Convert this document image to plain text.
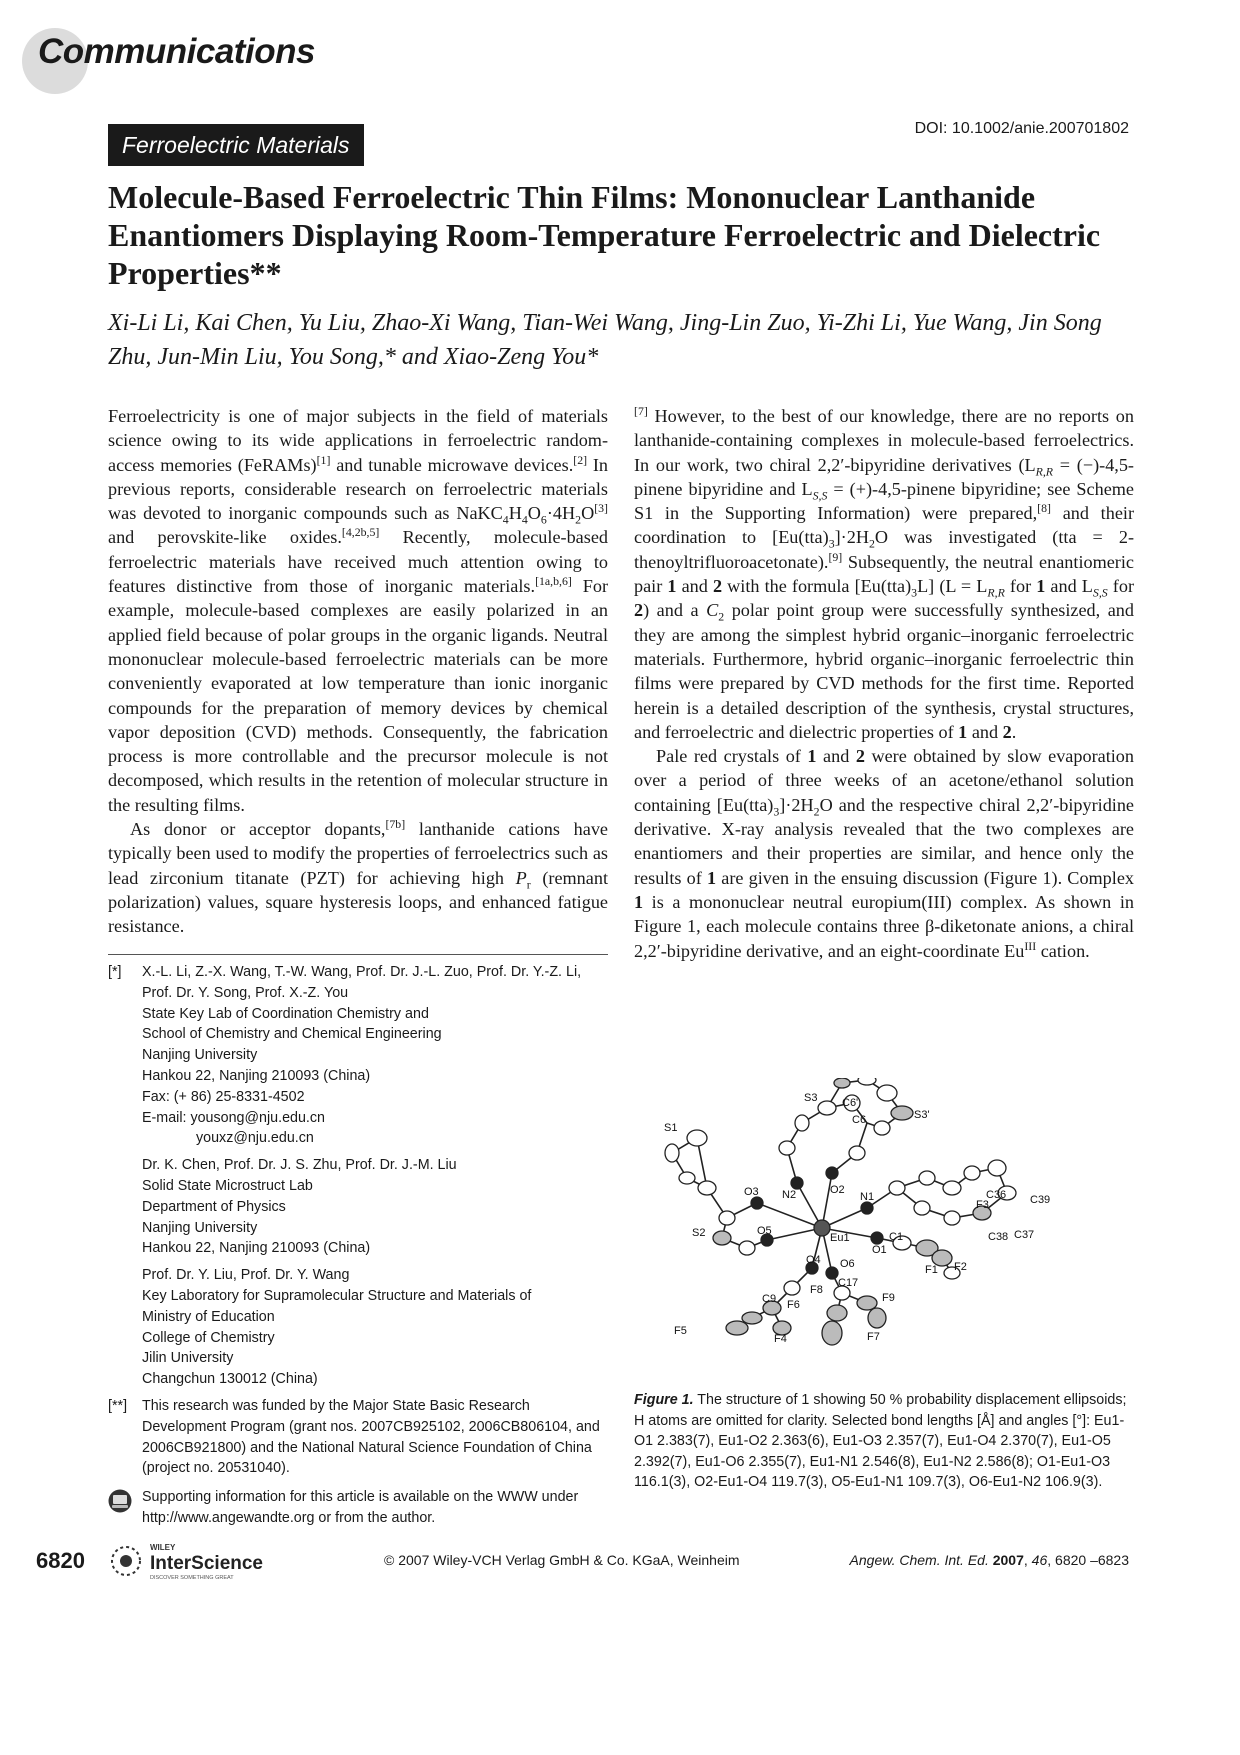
Communications
Ferroelectric Materials
DOI: 10.1002/anie.200701802
Molecule-Based Ferroelectric Thin Films: Mononuclear Lanthanide Enantiomers Displaying Room-Temperature Ferroelectric and Dielectric Properties**
Xi-Li Li, Kai Chen, Yu Liu, Zhao-Xi Wang, Tian-Wei Wang, Jing-Lin Zuo, Yi-Zhi Li, Yue Wang, Jin Song Zhu, Jun-Min Liu, You Song,* and Xiao-Zeng You*

Ferroelectricity is one of major subjects in the field of materials science owing to its wide applications in ferroelectric random-access memories (FeRAMs)[1] and tunable microwave devices.[2] In previous reports, considerable research on ferroelectric materials was devoted to inorganic compounds such as $NaKC_4H_4O_6\cdot 4H_2O[3]$ and perovskite-like oxides.[4,2b,5] Recently, molecule-based ferroelectric materials have received much attention owing to features distinctive from those of inorganic materials.[1a,b,6] For example, molecule-based complexes are easily polarized in an applied field because of polar groups in the organic ligands. Neutral mononuclear molecule-based ferroelectric materials can be more conveniently evaporated at low temperature than ionic inorganic compounds for the preparation of memory devices by chemical vapor deposition (CVD) methods. Consequently, the fabrication process is more controllable and the precursor molecule is not decomposed, which results in the retention of molecular structure in the resulting films.

As donor or acceptor dopants,[7b] lanthanide cations have typically been used to modify the properties of ferroelectrics such as lead zirconium titanate (PZT) for achieving high $P_r$ (remnant polarization) values, square hysteresis loops, and enhanced fatigue resistance.

[7] However, to the best of our knowledge, there are no reports on lanthanide-containing complexes in molecule-based ferroelectrics. In our work, two chiral 2,2′-bipyridine derivatives ($L_{R,R}$ = (−)-4,5-pinene bipyridine and $L_{S,S}$ = (+)-4,5-pinene bipyridine; see Scheme S1 in the Supporting Information) were prepared,[8] and their coordination to $[Eu(tta)_3]\cdot 2H_2O$ was investigated (tta = 2-thenoyltrifluoroacetonate).[9] Subsequently, the neutral enantiomeric pair 1 and 2 with the formula $[Eu(tta)_3L] (L = L_{R,R}$ for 1 and $L_{S,S}$ for 2) and a $C_2$ polar point group were successfully synthesized, and they are among the simplest hybrid organic–inorganic ferroelectric materials. Furthermore, hybrid organic–inorganic ferroelectric thin films were prepared by CVD methods for the first time. Reported herein is a detailed description of the synthesis, crystal structures, and ferroelectric and dielectric properties of 1 and 2.

Pale red crystals of 1 and 2 were obtained by slow evaporation over a period of three weeks of an acetone/ethanol solution containing $[Eu(tta)_3]\cdot 2H_2O$ and the respective chiral 2,2′-bipyridine derivative. X-ray analysis revealed that the two complexes are enantiomers and their properties are similar, and hence only the results of 1 are given in the ensuing discussion (Figure 1). Complex 1 is a mononuclear neutral europium(III) complex. As shown in Figure 1, each molecule contains three β-diketonate anions, a chiral 2,2′-bipyridine derivative, and an eight-coordinate $Eu^{III}$ cation.

[*] X.-L. Li, Z.-X. Wang, T.-W. Wang, Prof. Dr. J.-L. Zuo, Prof. Dr. Y.-Z. Li,
Prof. Dr. Y. Song, Prof. X.-Z. You
State Key Lab of Coordination Chemistry and
School of Chemistry and Chemical Engineering
Nanjing University
Hankou 22, Nanjing 210093 (China)
Fax: (+ 86) 25-8331-4502
E-mail: yousong@nju.edu.cn
youxz@nju.edu.cn
Dr. K. Chen, Prof. Dr. J. S. Zhu, Prof. Dr. J.-M. Liu
Solid State Microstruct Lab
Department of Physics
Nanjing University
Hankou 22, Nanjing 210093 (China)
Prof. Dr. Y. Liu, Prof. Dr. Y. Wang
Key Laboratory for Supramolecular Structure and Materials of
Ministry of Education
College of Chemistry
Jilin University
Changchun 130012 (China)
[**] This research was funded by the Major State Basic Research Development Program (grant nos. 2007CB925102, 2006CB806104, and 2006CB921800) and the National Natural Science Foundation of China (project no. 20531040).
Supporting information for this article is available on the WWW under http://www.angewandte.org or from the author.
S3 C6'
C6	S3'
S1
N2	O2
O3	N1
F3
C36 C39
S2	O5
Eu1	C1	C38 C37
O1
O4 O6	F1 F2
F8
C17
C9 F6
F9
F5
F4	F7
Figure 1. The structure of 1 showing 50 % probability displacement ellipsoids; H atoms are omitted for clarity. Selected bond lengths [Å] and angles [°]: Eu1-O1 2.383(7), Eu1-O2 2.363(6), Eu1-O3 2.357(7), Eu1-O4 2.370(7), Eu1-O5 2.392(7), Eu1-O6 2.355(7), Eu1-N1 2.546(8), Eu1-N2 2.586(8); O1-Eu1-O3 116.1(3), O2-Eu1-O4 119.7(3), O5-Eu1-N1 109.7(3), O6-Eu1-N2 106.9(3).
6820
WILEY
InterScience
DISCOVER SOMETHING GREAT
© 2007 Wiley-VCH Verlag GmbH & Co. KGaA, Weinheim	Angew. Chem. Int. Ed. 2007, 46, 6820 –6823
